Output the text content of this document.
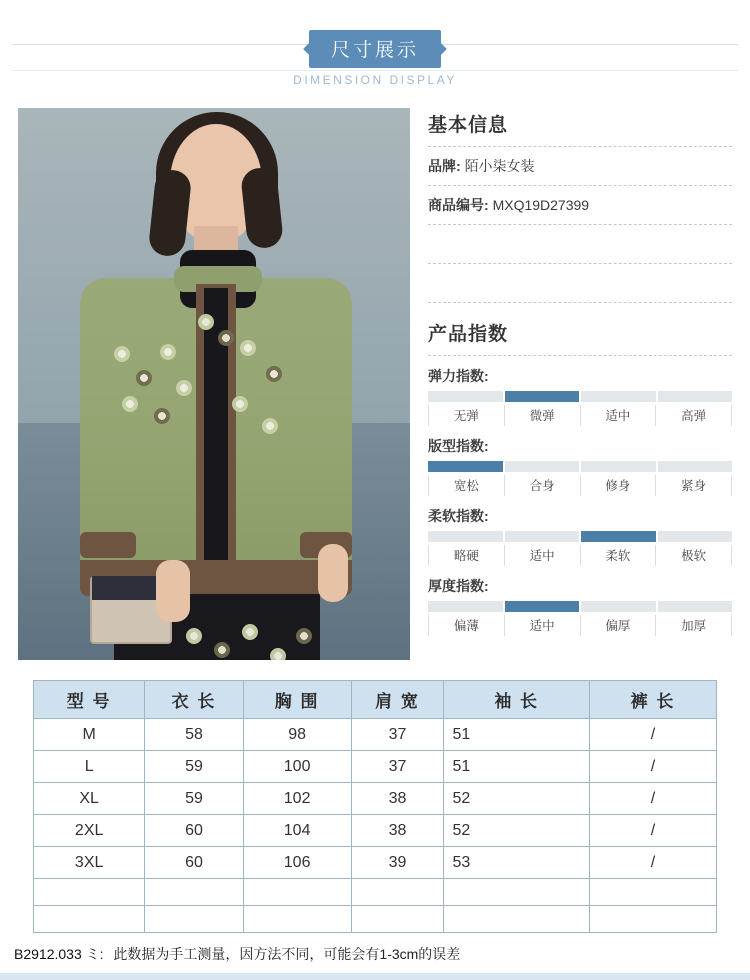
尺寸展示
DIMENSION DISPLAY
基本信息
品牌: 陌小柒女装
商品编号: MXQ19D27399
产品指数
弹力指数:
无弹	微弹	适中	高弹
版型指数:
宽松	合身	修身	紧身
柔软指数:
略硬	适中	柔软	极软
厚度指数:
偏薄	适中	偏厚	加厚
型 号	衣 长	胸 围	肩 宽	袖 长	裤 长
M	58	98	37	51	/
L	59	100	37	51	/
XL	59	102	38	52	/
2XL	60	104	38	52	/
3XL	60	106	39	53	/

B2912.033 ミ: 此数据为手工测量，因方法不同，可能会有1-3cm的误差
